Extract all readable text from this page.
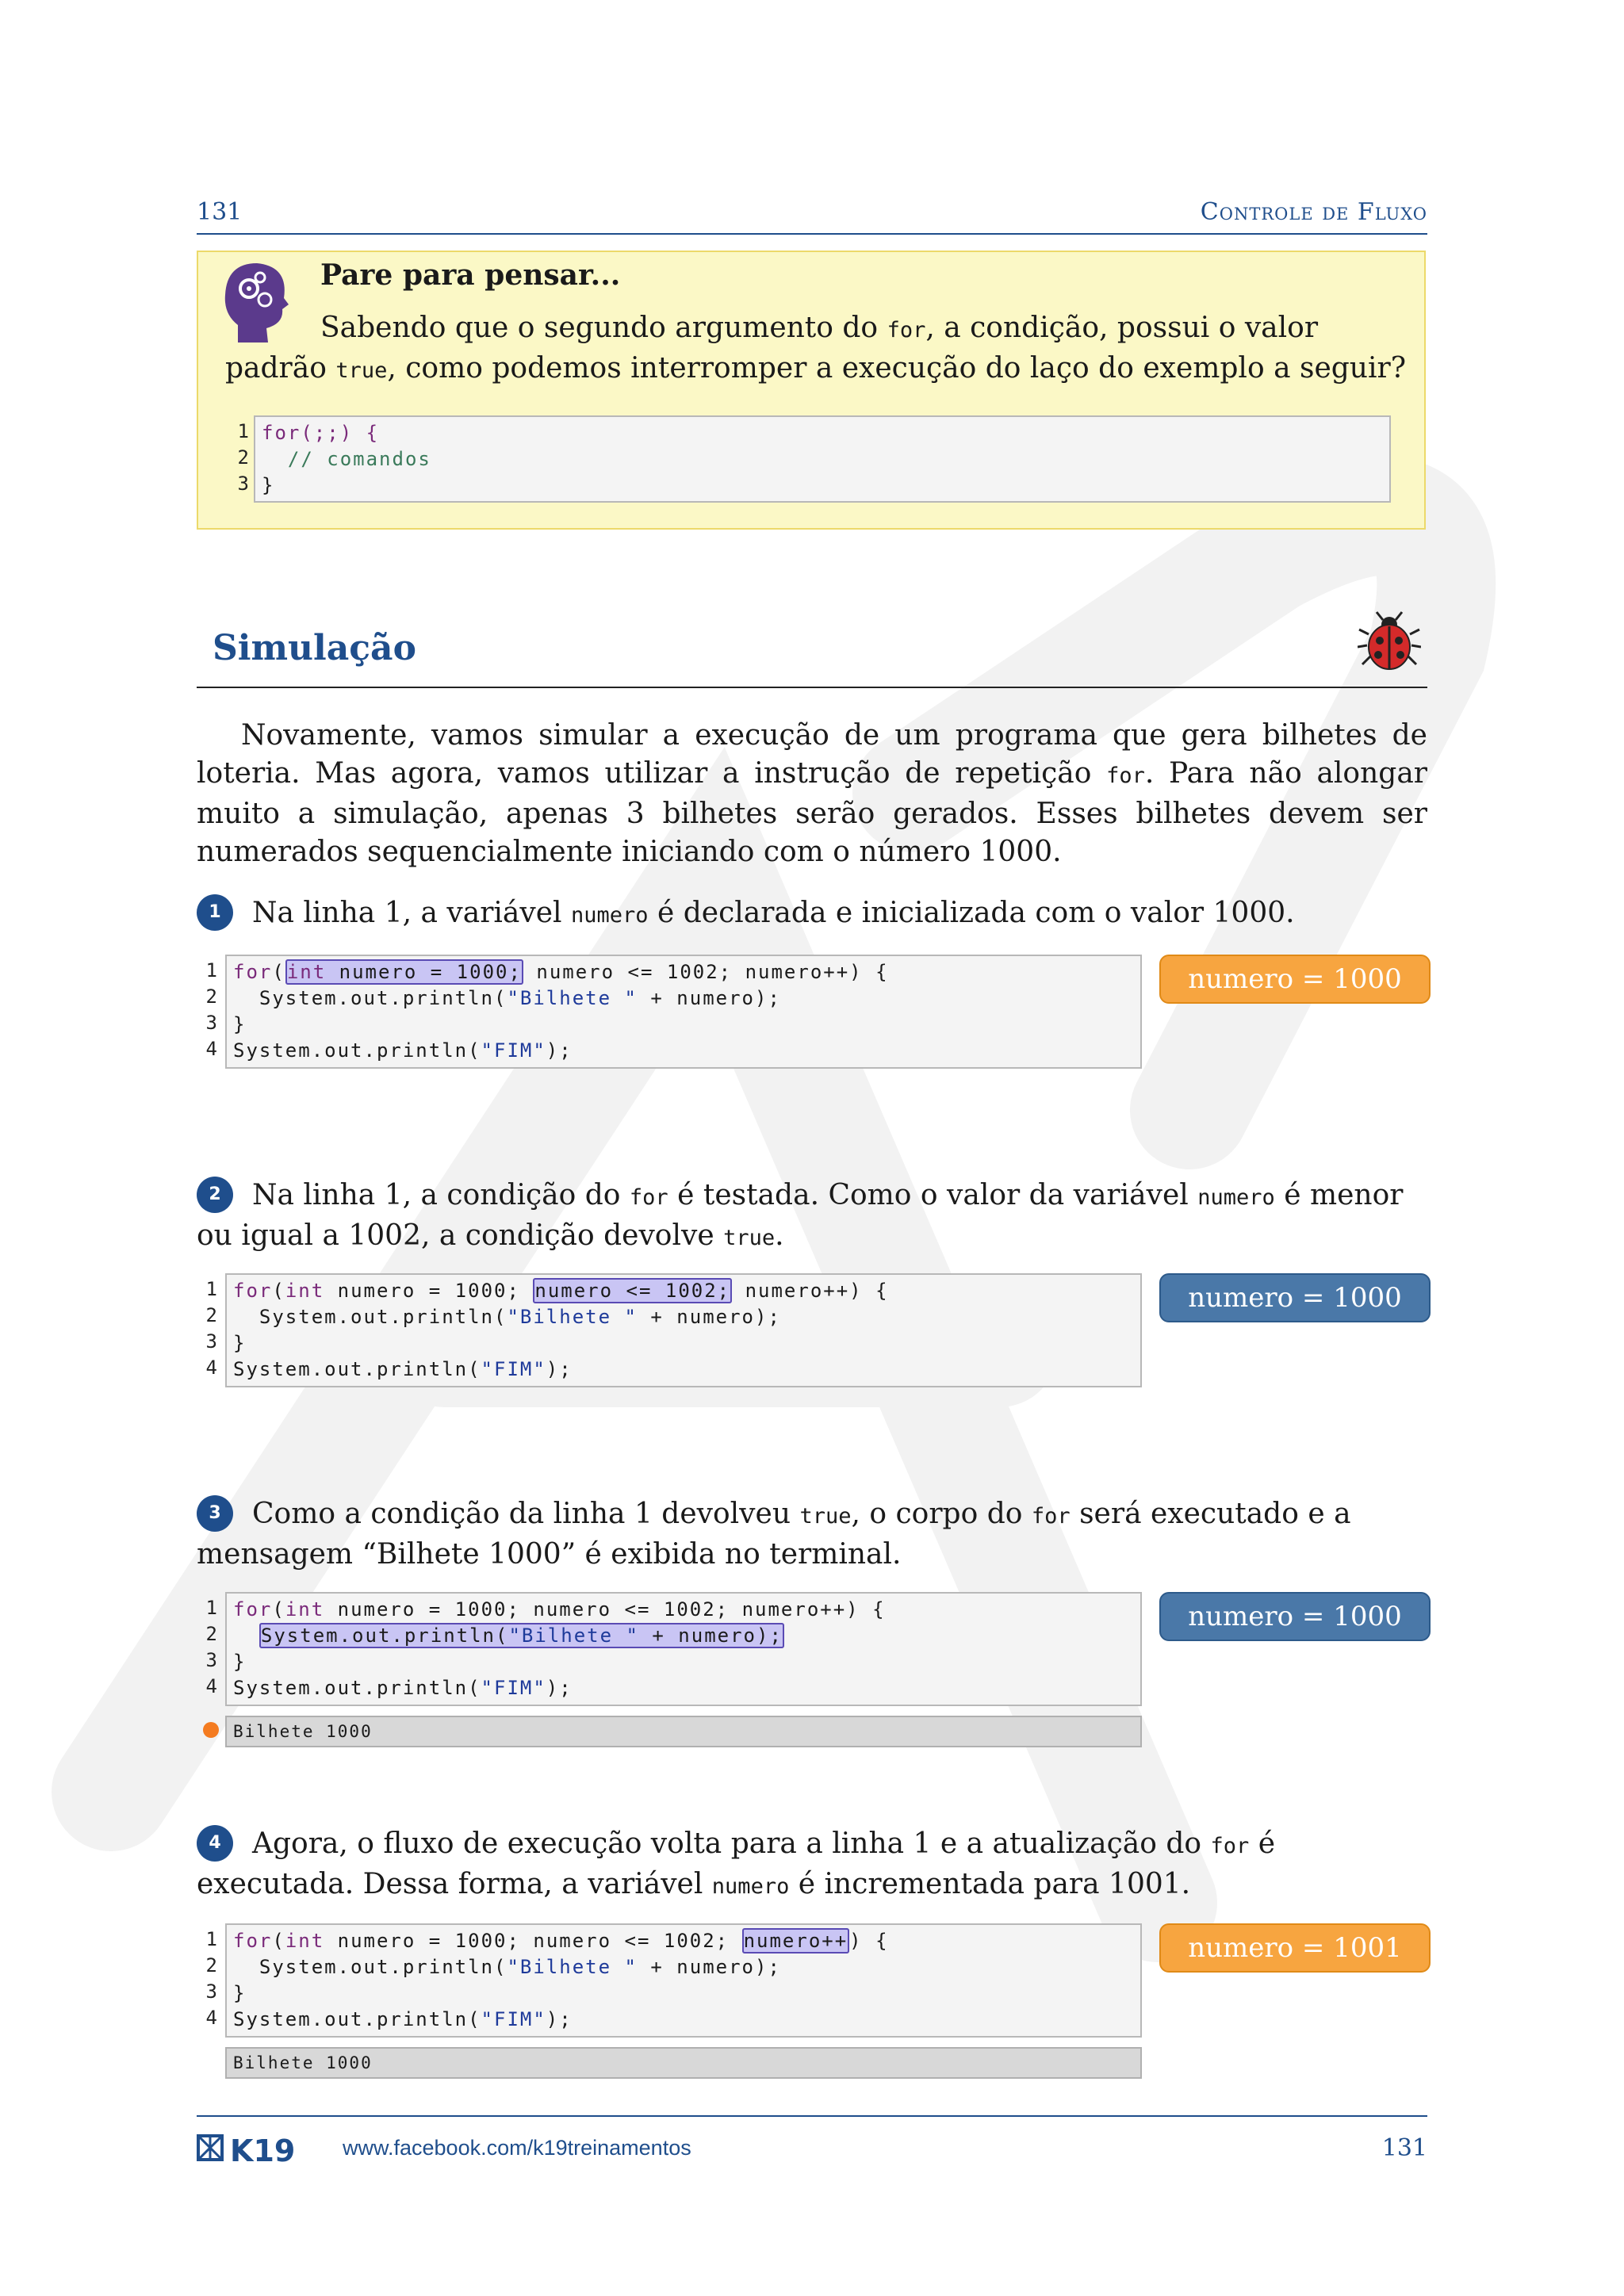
131	Controle de Fluxo
Pare para pensar...
Sabendo que o segundo argumento do for, a condição, possui o valor padrão true, como podemos interromper a execução do laço do exemplo a seguir?
1
2
3
for(;;) {
// comandos
}
Simulação
Novamente, vamos simular a execução de um programa que gera bilhetes de loteria. Mas agora, vamos utilizar a instrução de repetição for. Para não alongar muito a simulação, apenas 3 bilhetes serão gerados. Esses bilhetes devem ser numerados sequencialmente iniciando com o número 1000.
1	Na linha 1, a variável numero é declarada e inicializada com o valor 1000.
1
2
3
4
for(int numero = 1000; numero <= 1002; numero++) {
System.out.println("Bilhete " + numero);
}
System.out.println("FIM");
numero = 1000
2	Na linha 1, a condição do for é testada. Como o valor da variável numero é menor ou igual a 1002, a condição devolve true.
1
2
3
4
for(int numero = 1000; numero <= 1002; numero++) {
System.out.println("Bilhete " + numero);
}
System.out.println("FIM");
numero = 1000
3	Como a condição da linha 1 devolveu true, o corpo do for será executado e a mensagem “Bilhete 1000” é exibida no terminal.
1
2
3
4
for(int numero = 1000; numero <= 1002; numero++) {
System.out.println("Bilhete " + numero);
}
System.out.println("FIM");
numero = 1000
Bilhete 1000
4	Agora, o fluxo de execução volta para a linha 1 e a atualização do for é executada. Dessa forma, a variável numero é incrementada para 1001.
1
2
3
4
for(int numero = 1000; numero <= 1002; numero++) {
System.out.println("Bilhete " + numero);
}
System.out.println("FIM");
numero = 1001
Bilhete 1000
K19 www.facebook.com/k19treinamentos	131
